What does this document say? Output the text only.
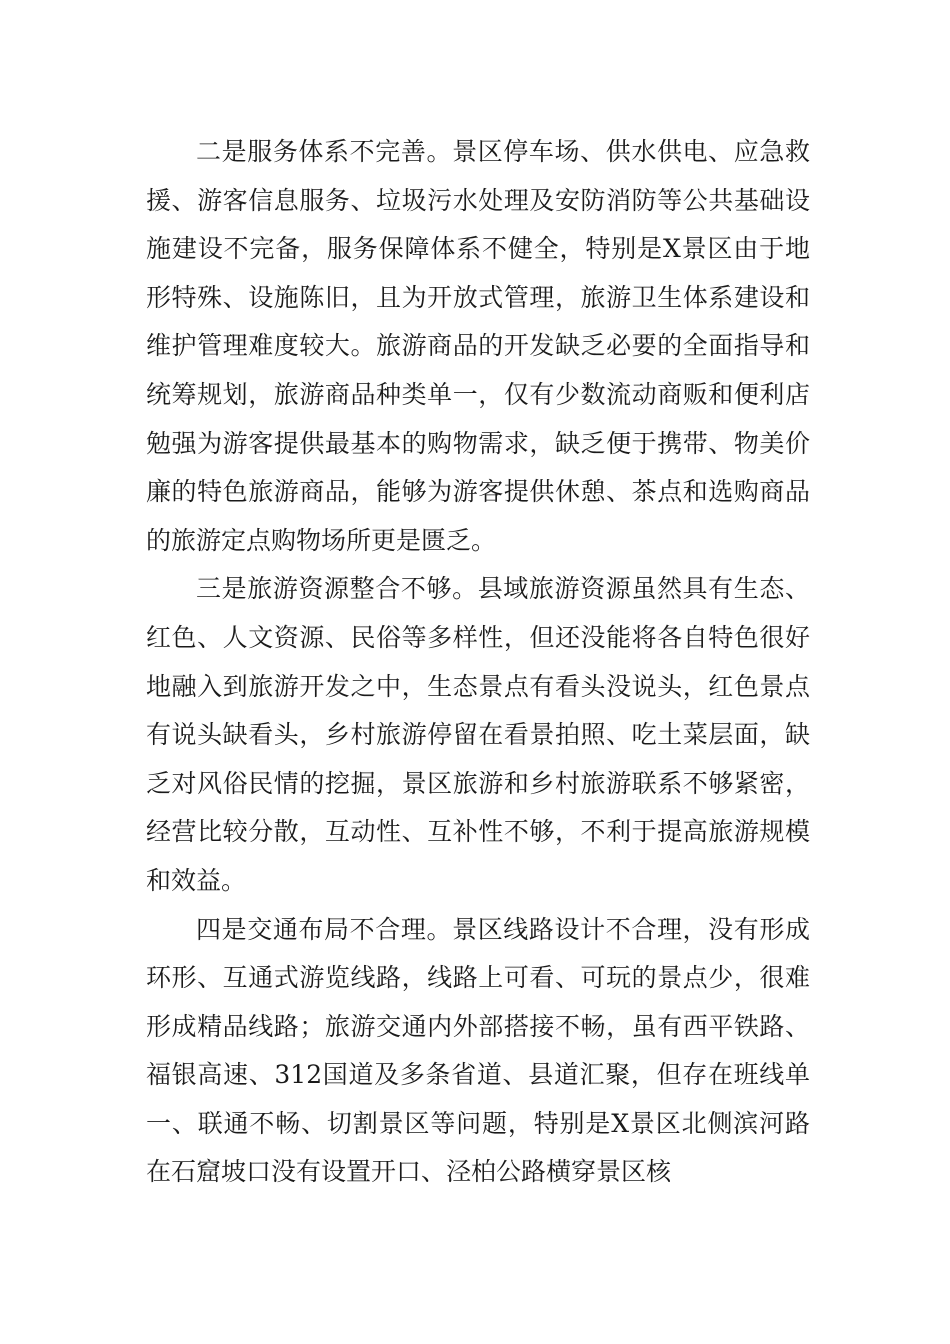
二是服务体系不完善。景区停车场、供水供电、应急救援、游客信息服务、垃圾污水处理及安防消防等公共基础设施建设不完备，服务保障体系不健全，特别是X景区由于地形特殊、设施陈旧，且为开放式管理，旅游卫生体系建设和维护管理难度较大。旅游商品的开发缺乏必要的全面指导和统筹规划，旅游商品种类单一，仅有少数流动商贩和便利店勉强为游客提供最基本的购物需求，缺乏便于携带、物美价廉的特色旅游商品，能够为游客提供休憩、茶点和选购商品的旅游定点购物场所更是匮乏。

三是旅游资源整合不够。县域旅游资源虽然具有生态、红色、人文资源、民俗等多样性，但还没能将各自特色很好地融入到旅游开发之中，生态景点有看头没说头，红色景点有说头缺看头，乡村旅游停留在看景拍照、吃土菜层面，缺乏对风俗民情的挖掘，景区旅游和乡村旅游联系不够紧密，经营比较分散，互动性、互补性不够，不利于提高旅游规模和效益。

四是交通布局不合理。景区线路设计不合理，没有形成环形、互通式游览线路，线路上可看、可玩的景点少，很难形成精品线路；旅游交通内外部搭接不畅，虽有西平铁路、福银高速、312国道及多条省道、县道汇聚，但存在班线单一、联通不畅、切割景区等问题，特别是X景区北侧滨河路在石窟坡口没有设置开口、泾柏公路横穿景区核
